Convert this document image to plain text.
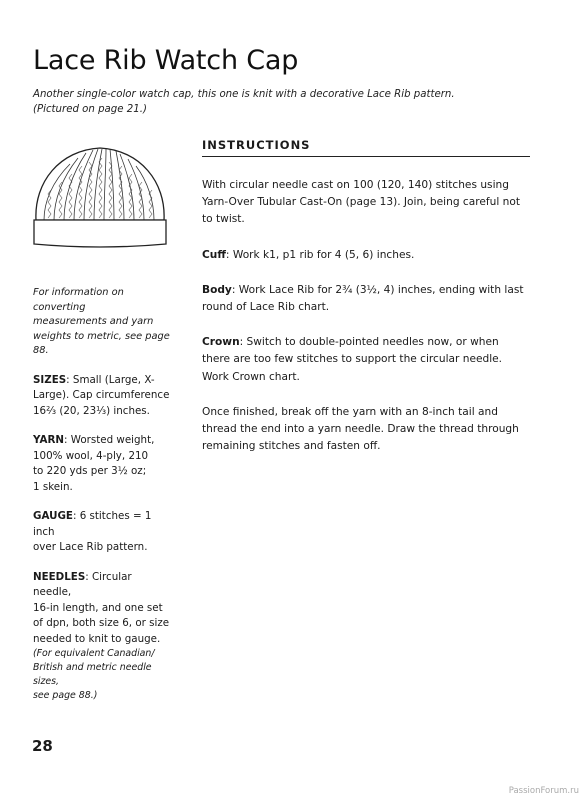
Lace Rib Watch Cap
Another single-color watch cap, this one is knit with a decorative Lace Rib pattern.
(Pictured on page 21.)

For information on converting
measurements and yarn
weights to metric, see page 88.

SIZES: Small (Large, X-
Large). Cap circumference
16⅔ (20, 23⅓) inches.

YARN: Worsted weight,
100% wool, 4-ply, 210
to 220 yds per 3½ oz;
1 skein.

GAUGE: 6 stitches = 1 inch
over Lace Rib pattern.

NEEDLES: Circular needle,
16-in length, and one set
of dpn, both size 6, or size
needed to knit to gauge.
(For equivalent Canadian/
British and metric needle sizes,
see page 88.)

INSTRUCTIONS

With circular needle cast on 100 (120, 140) stitches using
Yarn-Over Tubular Cast-On (page 13). Join, being careful not
to twist.

Cuff: Work k1, p1 rib for 4 (5, 6) inches.

Body: Work Lace Rib for 2¾ (3½, 4) inches, ending with last
round of Lace Rib chart.

Crown: Switch to double-pointed needles now, or when
there are too few stitches to support the circular needle.
Work Crown chart.

Once finished, break off the yarn with an 8-inch tail and
thread the end into a yarn needle. Draw the thread through
remaining stitches and fasten off.

28
PassionForum.ru
